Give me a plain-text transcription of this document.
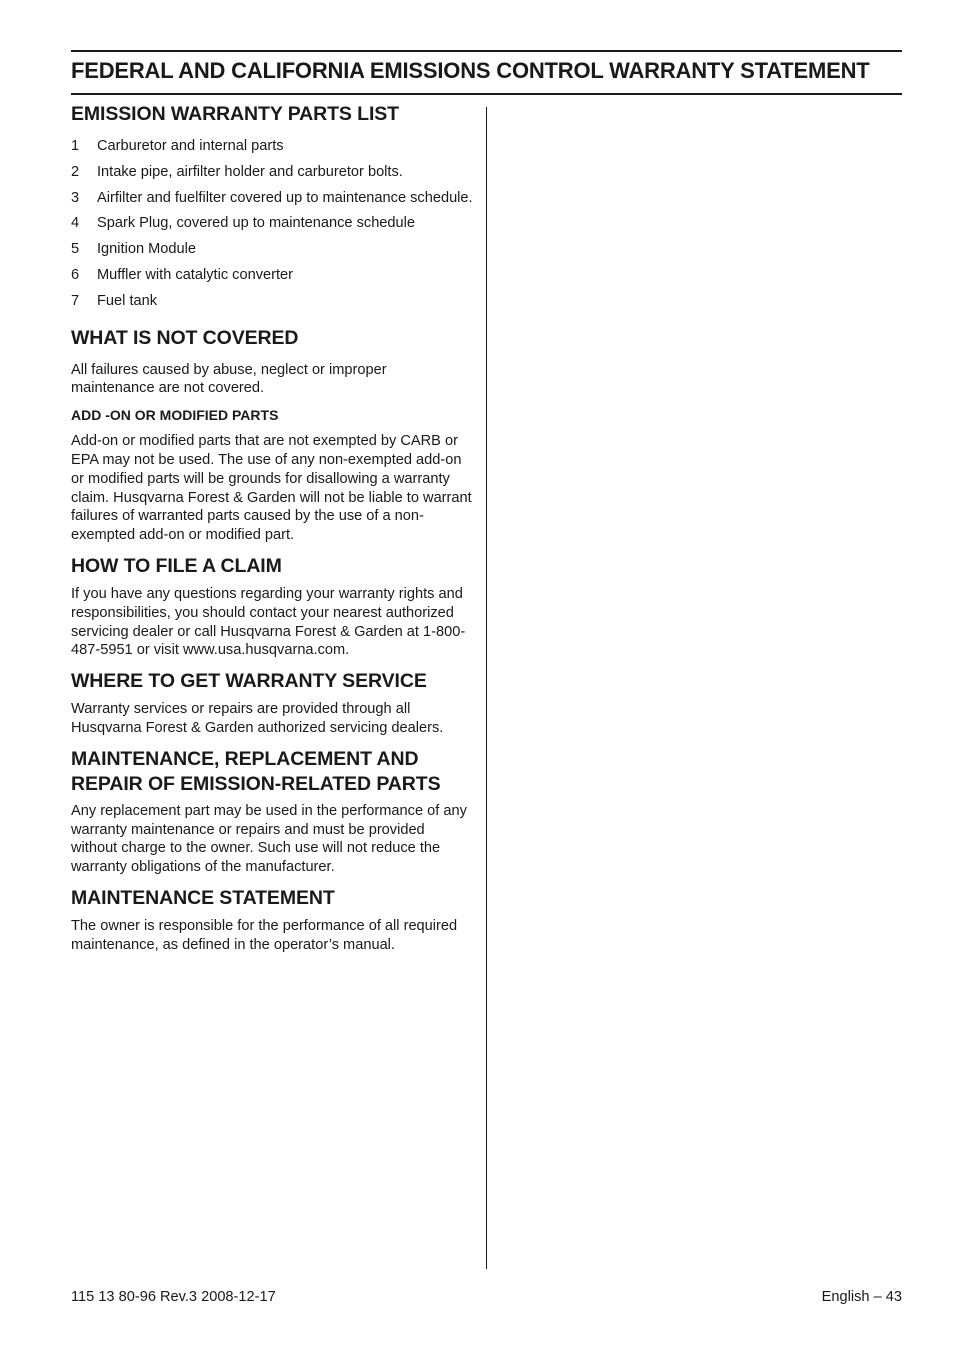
FEDERAL AND CALIFORNIA EMISSIONS CONTROL WARRANTY STATEMENT
EMISSION WARRANTY PARTS LIST
1	Carburetor and internal parts
2	Intake pipe, airfilter holder and carburetor bolts.
3	Airfilter and fuelfilter covered up to maintenance schedule.
4	Spark Plug, covered up to maintenance schedule
5	Ignition Module
6	Muffler with catalytic converter
7	Fuel tank
WHAT IS NOT COVERED

All failures caused by abuse, neglect or improper maintenance are not covered.

ADD -ON OR MODIFIED PARTS

Add-on or modified parts that are not exempted by CARB or EPA may not be used. The use of any non-exempted add-on or modified parts will be grounds for disallowing a warranty claim. Husqvarna Forest & Garden will not be liable to warrant failures of warranted parts caused by the use of a non-exempted add-on or modified part.

HOW TO FILE A CLAIM

If you have any questions regarding your warranty rights and responsibilities, you should contact your nearest authorized servicing dealer or call Husqvarna Forest & Garden at 1-800-487-5951 or visit www.usa.husqvarna.com.

WHERE TO GET WARRANTY SERVICE

Warranty services or repairs are provided through all Husqvarna Forest & Garden authorized servicing dealers.

MAINTENANCE, REPLACEMENT AND
REPAIR OF EMISSION-RELATED PARTS

Any replacement part may be used in the performance of any warranty maintenance or repairs and must be provided without charge to the owner. Such use will not reduce the warranty obligations of the manufacturer.

MAINTENANCE STATEMENT

The owner is responsible for the performance of all required maintenance, as defined in the operator’s manual.

115 13 80-96 Rev.3 2008-12-17	English – 43
